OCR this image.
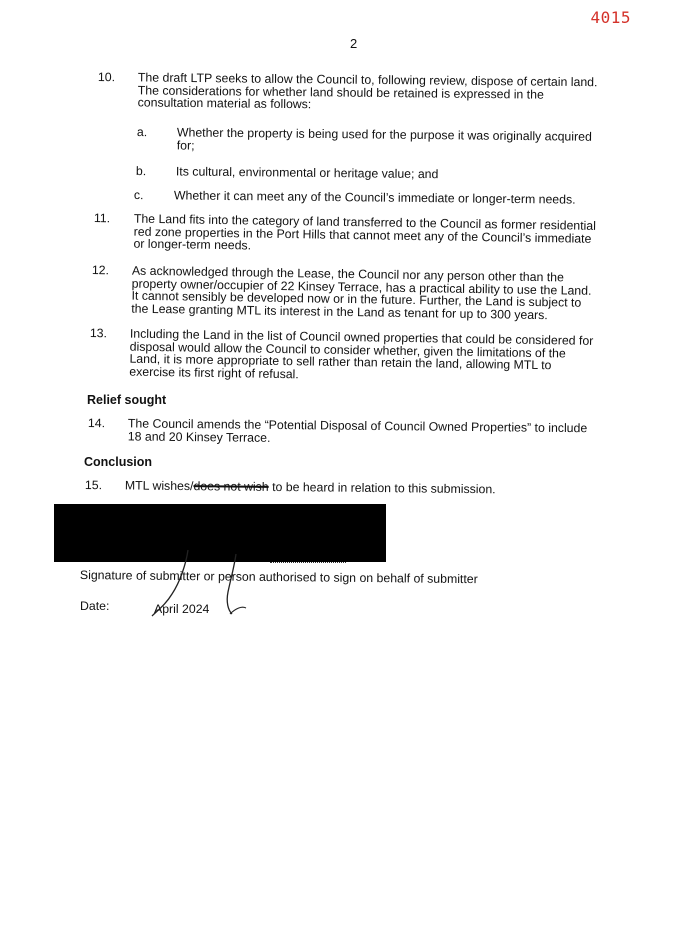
4015
2
10. The draft LTP seeks to allow the Council to, following review, dispose of certain land. The considerations for whether land should be retained is expressed in the consultation material as follows:
a. Whether the property is being used for the purpose it was originally acquired for;
b. Its cultural, environmental or heritage value; and
c. Whether it can meet any of the Council’s immediate or longer-term needs.
11. The Land fits into the category of land transferred to the Council as former residential red zone properties in the Port Hills that cannot meet any of the Council’s immediate or longer-term needs.
12. As acknowledged through the Lease, the Council nor any person other than the property owner/occupier of 22 Kinsey Terrace, has a practical ability to use the Land. It cannot sensibly be developed now or in the future. Further, the Land is subject to the Lease granting MTL its interest in the Land as tenant for up to 300 years.
13. Including the Land in the list of Council owned properties that could be considered for disposal would allow the Council to consider whether, given the limitations of the Land, it is more appropriate to sell rather than retain the land, allowing MTL to exercise its first right of refusal.
Relief sought
14. The Council amends the “Potential Disposal of Council Owned Properties” to include 18 and 20 Kinsey Terrace.
Conclusion
15. MTL wishes/does not wish to be heard in relation to this submission.
Signature of submitter or person authorised to sign on behalf of submitter
Date:	April 2024
